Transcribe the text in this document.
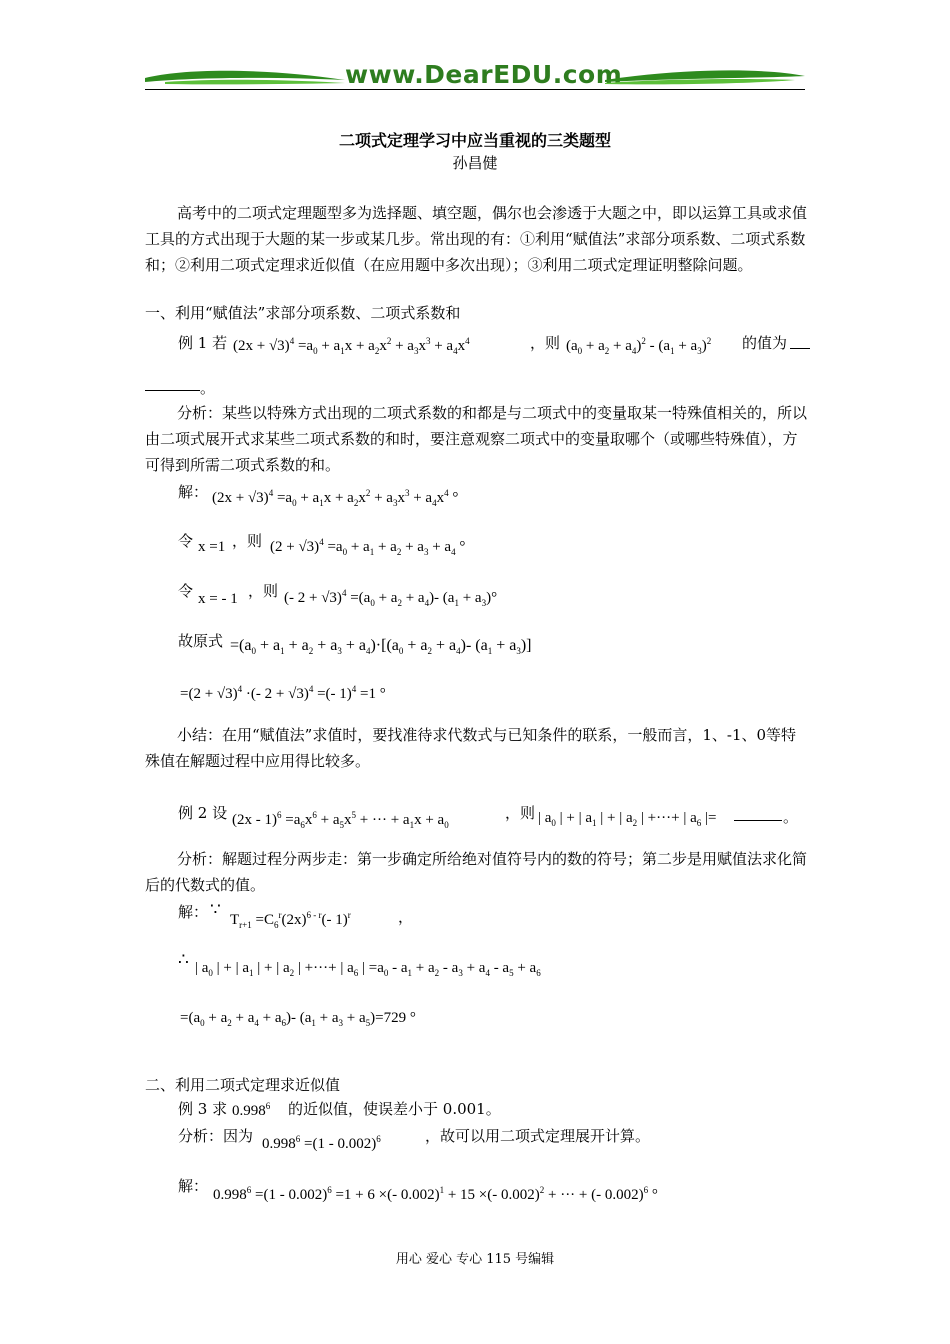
www.DearEDU.com
二项式定理学习中应当重视的三类题型
孙昌健
高考中的二项式定理题型多为选择题、填空题，偶尔也会渗透于大题之中，即以运算工具或求值工具的方式出现于大题的某一步或某几步。常出现的有：①利用“赋值法”求部分项系数、二项式系数和；②利用二项式定理求近似值（在应用题中多次出现）；③利用二项式定理证明整除问题。
一、利用“赋值法”求部分项系数、二项式系数和
例 1 若 $(2x + √3)^4 =a_0 + a_1x + a_2x^2 + a_3x^3 + a_4x^4$	，则 $(a_0 + a_2 + a_4)^2 - (a_1 + a_3)^2$ 的值为
。
分析：某些以特殊方式出现的二项式系数的和都是与二项式中的变量取某一特殊值相关的，所以由二项式展开式求某些二项式系数的和时，要注意观察二项式中的变量取哪个（或哪些特殊值），方可得到所需二项式系数的和。
解： $(2x + √3)^4 =a_0 + a_1x + a_2x^2 + a_3x^3 + a_4x^4$ °
令 x =1 ，则 $(2 + √3)^4 =a_0 + a_1 + a_2 + a_3 + a_4$ °
令 x = - 1 ，则 (- $2 + √3)^4 =(a_0 + a_2 + a_4)-$ $(a_1 + a_3)^\circ$
故原式 $=(a_0 + a_1 + a_2 + a_3 + a_4)\cdot[(a_0 + a_2 + a_4)-$ $(a_1 + a_3)$]
$=(2 + √3)^4$ ·(- 2 + √3)$^4$ =(- 1)$^4$ =1 °
小结：在用“赋值法”求值时，要找准待求代数式与已知条件的联系，一般而言，1、-1、0等特殊值在解题过程中应用得比较多。
例 2 设 $(2x - 1)^6 =a_6x^6 + a_5x^5$ + ··· + $a_1x + a_0$
，则 | $a_0$ | + | $a_1$ | + | $a_2$ | +···+ | $a_6$ |=	。
分析：解题过程分两步走：第一步确定所给绝对值符号内的数的符号；第二步是用赋值法求化简后的代数式的值。
解： ∵ $T_{r+1} =C_6^r(2x)^{6 - r}(-$ 1)$^r$	，
∴ | $a_0$ | + | $a_1$ | + | $a_2$ | +···+ | $a_6$ | $=a_0 - a_1 + a_2 - a_3 + a_4 - a_5 + a_6$
$=(a_0 + a_2 + a_4 + a_6)-$ $(a_1 + a_3 + a_5)=729$ °
二、利用二项式定理求近似值
例 3 求 0.998$^6$ 的近似值，使误差小于 0.001。
分析：因为 $0.998^6 =(1 - 0.002)^6$	，故可以用二项式定理展开计算。
解： $0.998^6 =(1 - 0.002)^6 =1 + 6$ ×(- 0.002)$^1$ + 15 ×(- 0.002)$^2$ + ··· + (- 0.002)$^6$ °
用心 爱心 专心 115 号编辑
